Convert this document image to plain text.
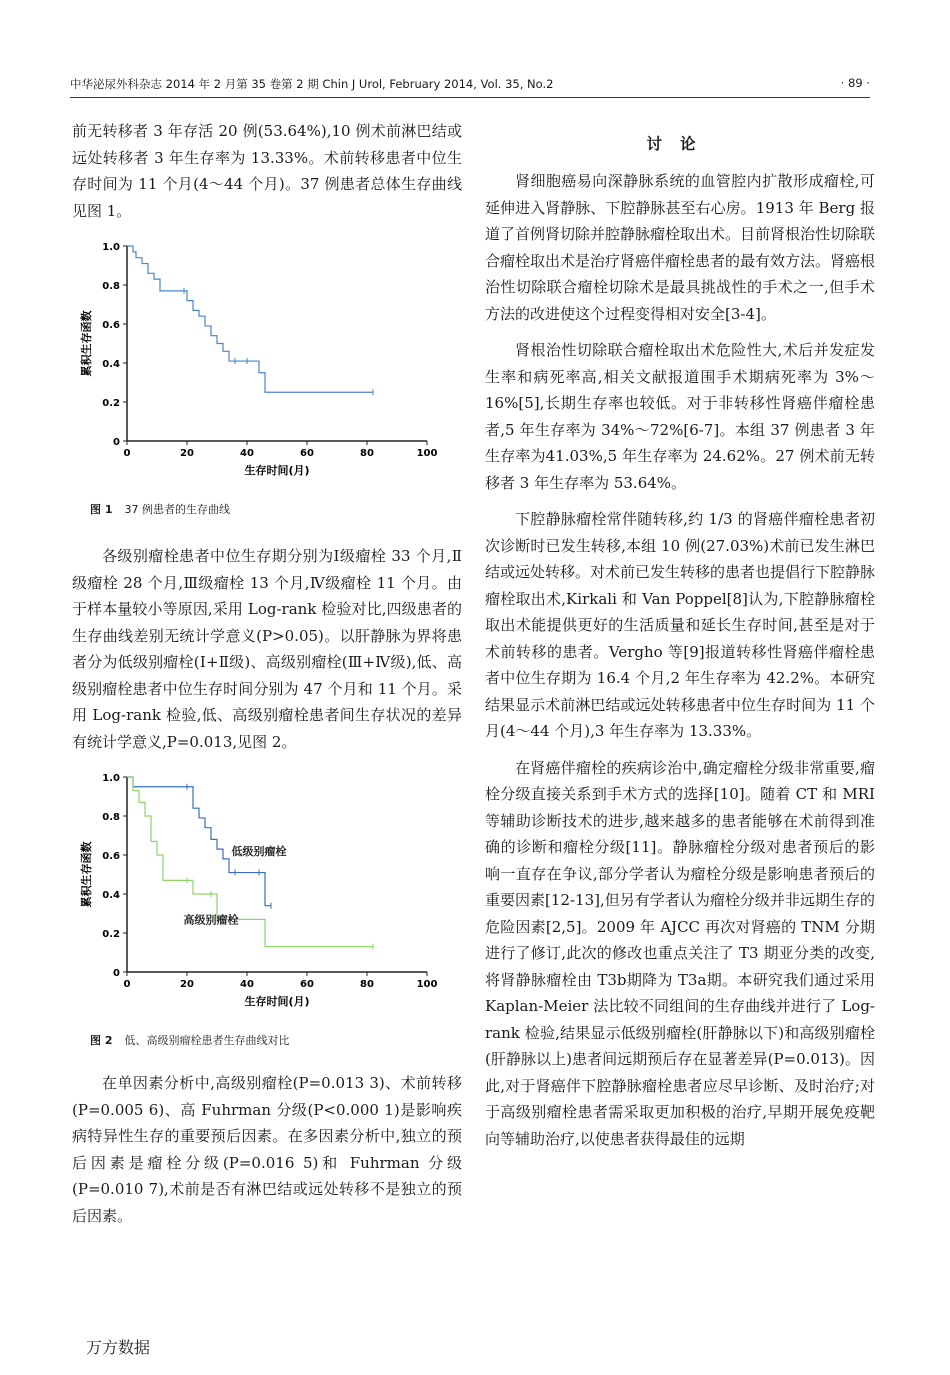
中华泌尿外科杂志 2014 年 2 月第 35 卷第 2 期 Chin J Urol, February 2014, Vol. 35, No.2	· 89 ·

前无转移者 3 年存活 20 例(53.64%),10 例术前淋巴结或远处转移者 3 年生存率为 13.33%。术前转移患者中位生存时间为 11 个月(4～44 个月)。37 例患者总体生存曲线见图 1。

0
0.2
0.4
0.6
0.8
1.0
0	20	40	60	80	100
生存时间(月)
累积生存函数
图 1 37 例患者的生存曲线

各级别瘤栓患者中位生存期分别为Ⅰ级瘤栓 33 个月,Ⅱ级瘤栓 28 个月,Ⅲ级瘤栓 13 个月,Ⅳ级瘤栓 11 个月。由于样本量较小等原因,采用 Log-rank 检验对比,四级患者的生存曲线差别无统计学意义(P>0.05)。以肝静脉为界将患者分为低级别瘤栓(Ⅰ+Ⅱ级)、高级别瘤栓(Ⅲ+Ⅳ级),低、高级别瘤栓患者中位生存时间分别为 47 个月和 11 个月。采用 Log-rank 检验,低、高级别瘤栓患者间生存状况的差异有统计学意义,P=0.013,见图 2。

0
0.2
0.4
0.6
0.8
1.0
0	20	40	60	80	100
生存时间(月)
累积生存函数	低级别瘤栓
高级别瘤栓
图 2 低、高级别瘤栓患者生存曲线对比

在单因素分析中,高级别瘤栓(P=0.013 3)、术前转移(P=0.005 6)、高 Fuhrman 分级(P<0.000 1)是影响疾病特异性生存的重要预后因素。在多因素分析中,独立的预后因素是瘤栓分级(P=0.016 5)和 Fuhrman 分级(P=0.010 7),术前是否有淋巴结或远处转移不是独立的预后因素。

讨论

肾细胞癌易向深静脉系统的血管腔内扩散形成瘤栓,可延伸进入肾静脉、下腔静脉甚至右心房。1913 年 Berg 报道了首例肾切除并腔静脉瘤栓取出术。目前肾根治性切除联合瘤栓取出术是治疗肾癌伴瘤栓患者的最有效方法。肾癌根治性切除联合瘤栓切除术是最具挑战性的手术之一,但手术方法的改进使这个过程变得相对安全[3-4]。

肾根治性切除联合瘤栓取出术危险性大,术后并发症发生率和病死率高,相关文献报道围手术期病死率为 3%～16%[5],长期生存率也较低。对于非转移性肾癌伴瘤栓患者,5 年生存率为 34%～72%[6-7]。本组 37 例患者 3 年生存率为41.03%,5 年生存率为 24.62%。27 例术前无转移者 3 年生存率为 53.64%。

下腔静脉瘤栓常伴随转移,约 1/3 的肾癌伴瘤栓患者初次诊断时已发生转移,本组 10 例(27.03%)术前已发生淋巴结或远处转移。对术前已发生转移的患者也提倡行下腔静脉瘤栓取出术,Kirkali 和 Van Poppel[8]认为,下腔静脉瘤栓取出术能提供更好的生活质量和延长生存时间,甚至是对于术前转移的患者。Vergho 等[9]报道转移性肾癌伴瘤栓患者中位生存期为 16.4 个月,2 年生存率为 42.2%。本研究结果显示术前淋巴结或远处转移患者中位生存时间为 11 个月(4～44 个月),3 年生存率为 13.33%。

在肾癌伴瘤栓的疾病诊治中,确定瘤栓分级非常重要,瘤栓分级直接关系到手术方式的选择[10]。随着 CT 和 MRI 等辅助诊断技术的进步,越来越多的患者能够在术前得到准确的诊断和瘤栓分级[11]。静脉瘤栓分级对患者预后的影响一直存在争议,部分学者认为瘤栓分级是影响患者预后的重要因素[12-13],但另有学者认为瘤栓分级并非远期生存的危险因素[2,5]。2009 年 AJCC 再次对肾癌的 TNM 分期进行了修订,此次的修改也重点关注了 T3 期亚分类的改变,将肾静脉瘤栓由 T3b期降为 T3a期。本研究我们通过采用 Kaplan-Meier 法比较不同组间的生存曲线并进行了 Log-rank 检验,结果显示低级别瘤栓(肝静脉以下)和高级别瘤栓(肝静脉以上)患者间远期预后存在显著差异(P=0.013)。因此,对于肾癌伴下腔静脉瘤栓患者应尽早诊断、及时治疗;对于高级别瘤栓患者需采取更加积极的治疗,早期开展免疫靶向等辅助治疗,以使患者获得最佳的远期

万方数据
